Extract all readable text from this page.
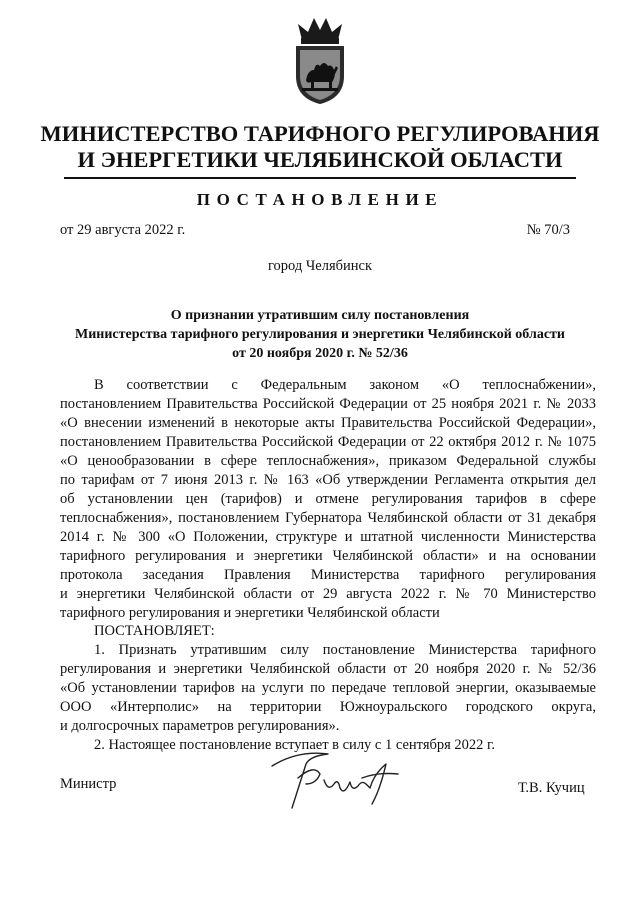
МИНИСТЕРСТВО ТАРИФНОГО РЕГУЛИРОВАНИЯ
И ЭНЕРГЕТИКИ ЧЕЛЯБИНСКОЙ ОБЛАСТИ
ПОСТАНОВЛЕНИЕ
от 29 августа 2022 г.	№ 70/3
город Челябинск
О признании утратившим силу постановления
Министерства тарифного регулирования и энергетики Челябинской области
от 20 ноября 2020 г. № 52/36
В соответствии с Федеральным законом «О теплоснабжении»,
постановлением Правительства Российской Федерации от 25 ноября 2021 г. № 2033
«О внесении изменений в некоторые акты Правительства Российской Федерации»,
постановлением Правительства Российской Федерации от 22 октября 2012 г. № 1075
«О ценообразовании в сфере теплоснабжения», приказом Федеральной службы
по тарифам от 7 июня 2013 г. № 163 «Об утверждении Регламента открытия дел
об установлении цен (тарифов) и отмене регулирования тарифов в сфере
теплоснабжения», постановлением Губернатора Челябинской области от 31 декабря
2014 г. № 300 «О Положении, структуре и штатной численности Министерства
тарифного регулирования и энергетики Челябинской области» и на основании
протокола заседания Правления Министерства тарифного регулирования
и энергетики Челябинской области от 29 августа 2022 г. № 70 Министерство
тарифного регулирования и энергетики Челябинской области
ПОСТАНОВЛЯЕТ:
1. Признать утратившим силу постановление Министерства тарифного
регулирования и энергетики Челябинской области от 20 ноября 2020 г. № 52/36
«Об установлении тарифов на услуги по передаче тепловой энергии, оказываемые
ООО «Интерполис» на территории Южноуральского городского округа,
и долгосрочных параметров регулирования».
2. Настоящее постановление вступает в силу с 1 сентября 2022 г.
Министр	Т.В. Кучиц
